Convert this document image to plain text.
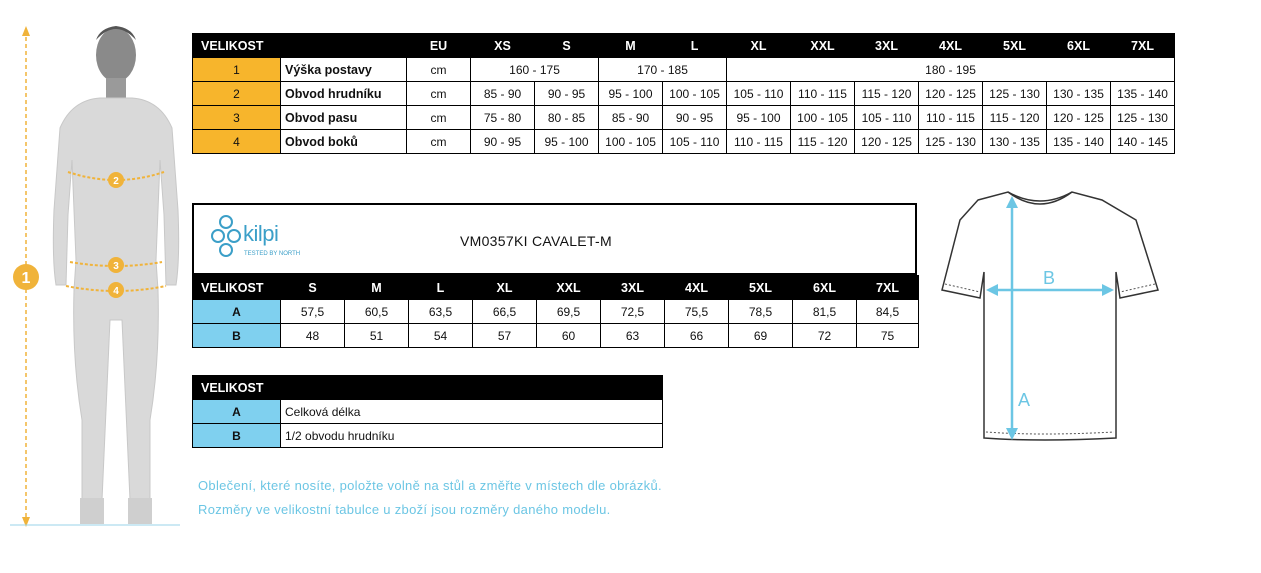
1
2
3
4
VELIKOST		EU	XS	S	M	L	XL	XXL	3XL	4XL	5XL	6XL	7XL
1	Výška postavy	cm	160 - 175		170 - 185		180 - 195						
2	Obvod hrudníku	cm	85 - 90	90 - 95	95 - 100	100 - 105	105 - 110	110 - 115	115 - 120	120 - 125	125 - 130	130 - 135	135 - 140
3	Obvod pasu	cm	75 - 80	80 - 85	85 - 90	90 - 95	95 - 100	100 - 105	105 - 110	110 - 115	115 - 120	120 - 125	125 - 130
4	Obvod boků	cm	90 - 95	95 - 100	100 - 105	105 - 110	110 - 115	115 - 120	120 - 125	125 - 130	130 - 135	135 - 140	140 - 145
kilpi
TESTED BY NORTH
VM0357KI CAVALET-M
VELIKOST	S	M	L	XL	XXL	3XL	4XL	5XL	6XL	7XL
A	57,5	60,5	63,5	66,5	69,5	72,5	75,5	78,5	81,5	84,5
B	48	51	54	57	60	63	66	69	72	75
VELIKOST	
A	Celková délka
B	1/2 obvodu hrudníku
A
B
Oblečení, které nosíte, položte volně na stůl a změřte v místech dle obrázků.
Rozměry ve velikostní tabulce u zboží jsou rozměry daného modelu.
